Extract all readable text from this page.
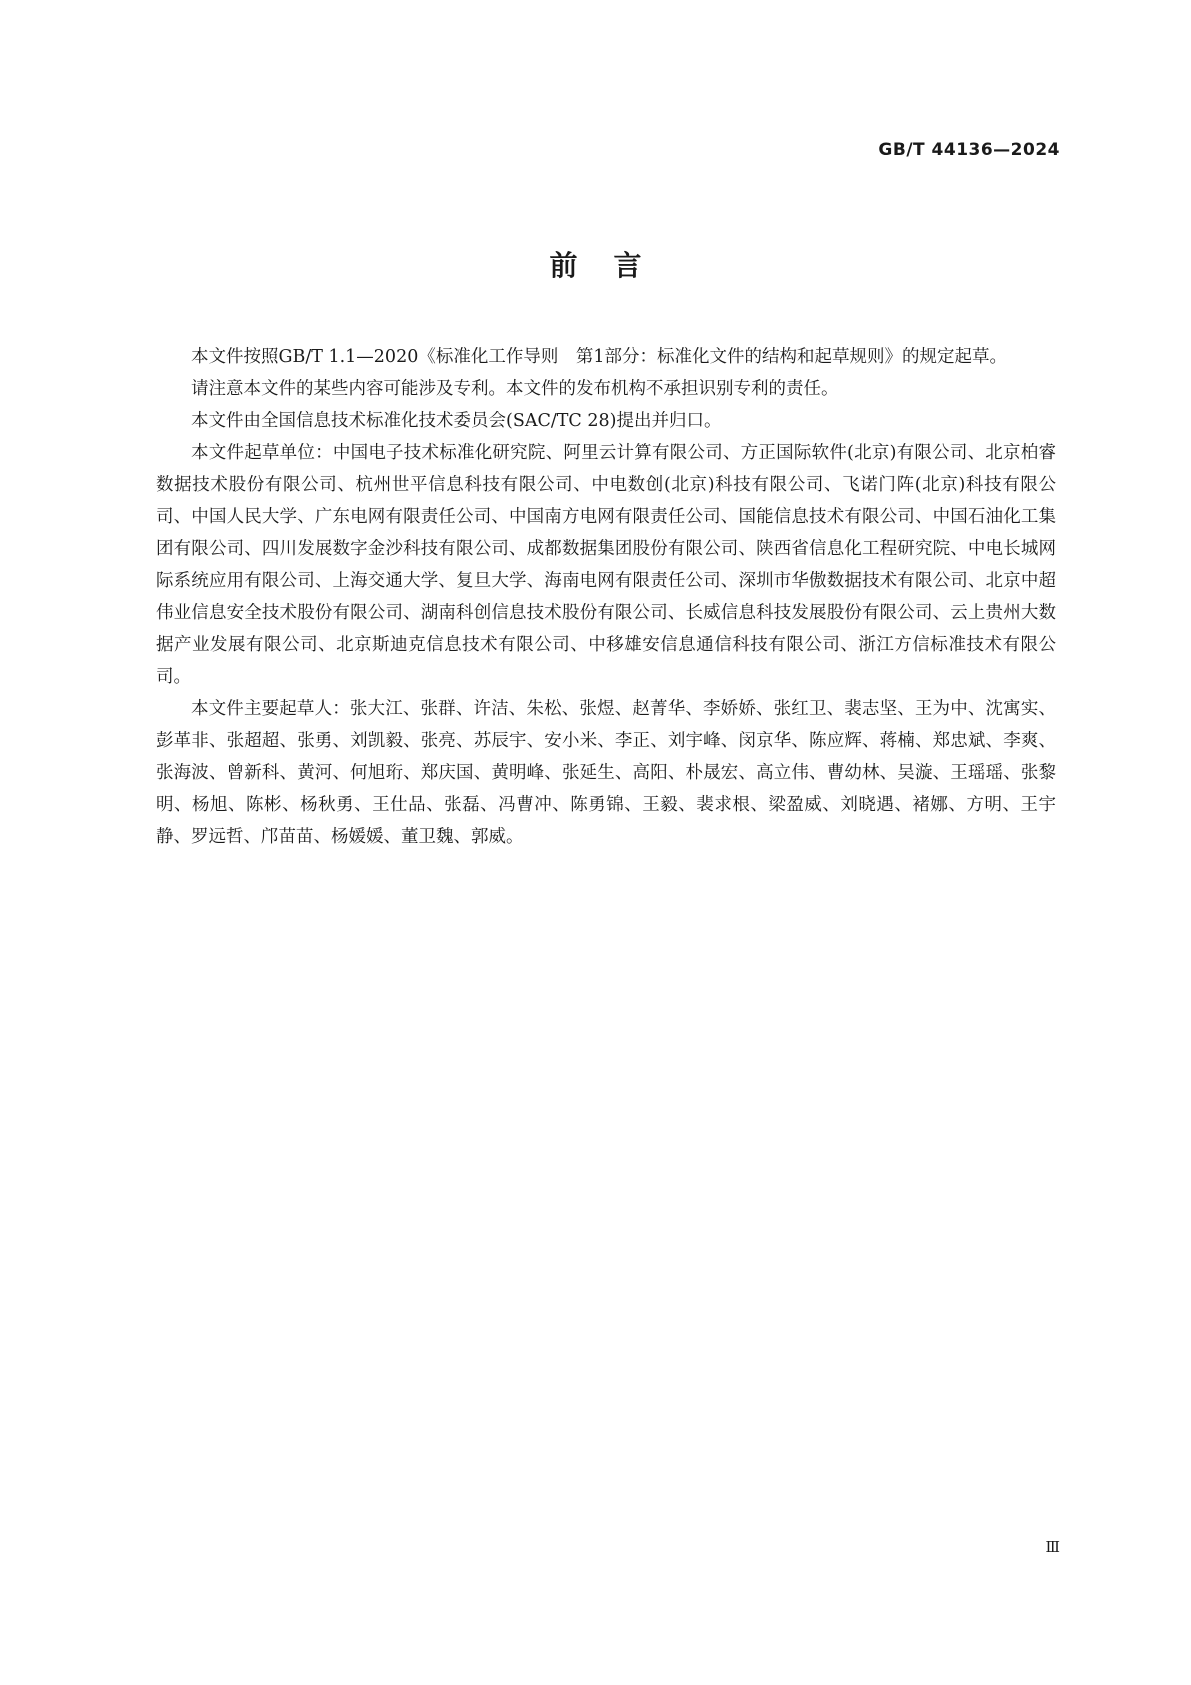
GB/T 44136—2024
前言

本文件按照GB/T 1.1—2020《标准化工作导则　第1部分：标准化文件的结构和起草规则》的规定起草。

请注意本文件的某些内容可能涉及专利。本文件的发布机构不承担识别专利的责任。

本文件由全国信息技术标准化技术委员会(SAC/TC 28)提出并归口。

本文件起草单位：中国电子技术标准化研究院、阿里云计算有限公司、方正国际软件(北京)有限公司、北京柏睿数据技术股份有限公司、杭州世平信息科技有限公司、中电数创(北京)科技有限公司、飞诺门阵(北京)科技有限公司、中国人民大学、广东电网有限责任公司、中国南方电网有限责任公司、国能信息技术有限公司、中国石油化工集团有限公司、四川发展数字金沙科技有限公司、成都数据集团股份有限公司、陕西省信息化工程研究院、中电长城网际系统应用有限公司、上海交通大学、复旦大学、海南电网有限责任公司、深圳市华傲数据技术有限公司、北京中超伟业信息安全技术股份有限公司、湖南科创信息技术股份有限公司、长威信息科技发展股份有限公司、云上贵州大数据产业发展有限公司、北京斯迪克信息技术有限公司、中移雄安信息通信科技有限公司、浙江方信标准技术有限公司。

本文件主要起草人：张大江、张群、许洁、朱松、张煜、赵菁华、李娇娇、张红卫、裴志坚、王为中、沈寓实、彭革非、张超超、张勇、刘凯毅、张亮、苏辰宇、安小米、李正、刘宇峰、闵京华、陈应辉、蒋楠、郑忠斌、李爽、张海波、曾新科、黄河、何旭珩、郑庆国、黄明峰、张延生、高阳、朴晟宏、高立伟、曹幼林、吴漩、王瑶瑶、张黎明、杨旭、陈彬、杨秋勇、王仕品、张磊、冯曹冲、陈勇锦、王毅、裴求根、梁盈威、刘晓遇、褚娜、方明、王宇静、罗远哲、邝苗苗、杨媛媛、董卫魏、郭威。

Ⅲ
